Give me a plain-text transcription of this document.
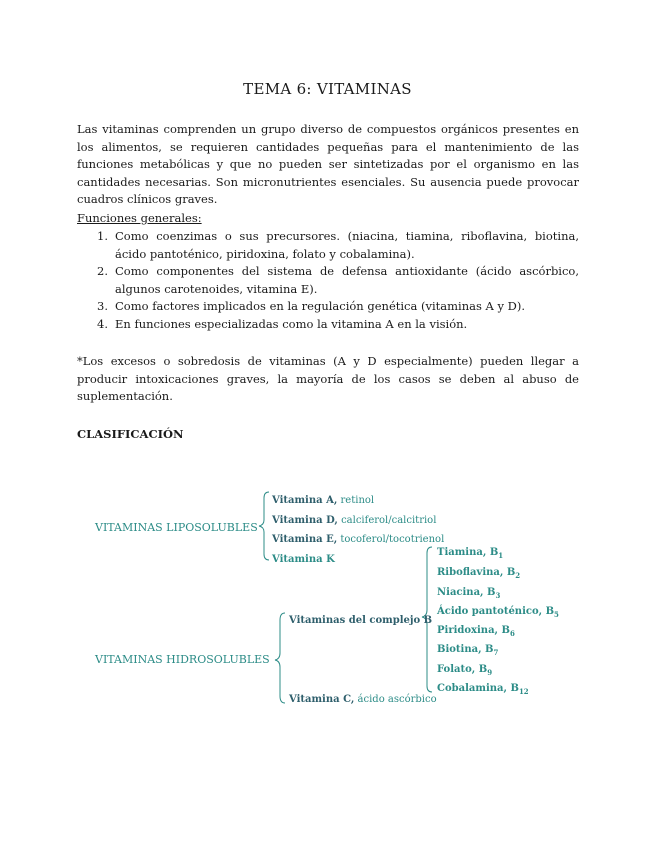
TEMA 6: VITAMINAS
Las vitaminas comprenden un grupo diverso de compuestos orgánicos presentes en los alimentos, se requieren cantidades pequeñas para el mantenimiento de las funciones metabólicas y que no pueden ser sintetizadas por el organismo en las cantidades necesarias. Son micronutrientes esenciales. Su ausencia puede provocar cuadros clínicos graves.
Funciones generales:
1. Como coenzimas o sus precursores. (niacina, tiamina, riboflavina, biotina, ácido pantoténico, piridoxina, folato y cobalamina).
2. Como componentes del sistema de defensa antioxidante (ácido ascórbico, algunos carotenoides, vitamina E).
3. Como factores implicados en la regulación genética (vitaminas A y D).
4. En funciones especializadas como la vitamina A en la visión.
*Los excesos o sobredosis de vitaminas (A y D especialmente) pueden llegar a producir intoxicaciones graves, la mayoría de los casos se deben al abuso de suplementación.
CLASIFICACIÓN
VITAMINAS LIPOSOLUBLES
VITAMINAS HIDROSOLUBLES
Vitamina A, retinol
Vitamina D, calciferol/calcitriol
Vitamina E, tocoferol/tocotrienol
Vitamina K
Vitaminas del complejo B
Vitamina C, ácido ascórbico
Tiamina, $B_1$
Riboflavina, $B_2$
Niacina, $B_3$
Ácido pantoténico, $B_5$
Piridoxina, $B_6$
Biotina, $B_7$
Folato, $B_9$
Cobalamina, $B_{12}$
